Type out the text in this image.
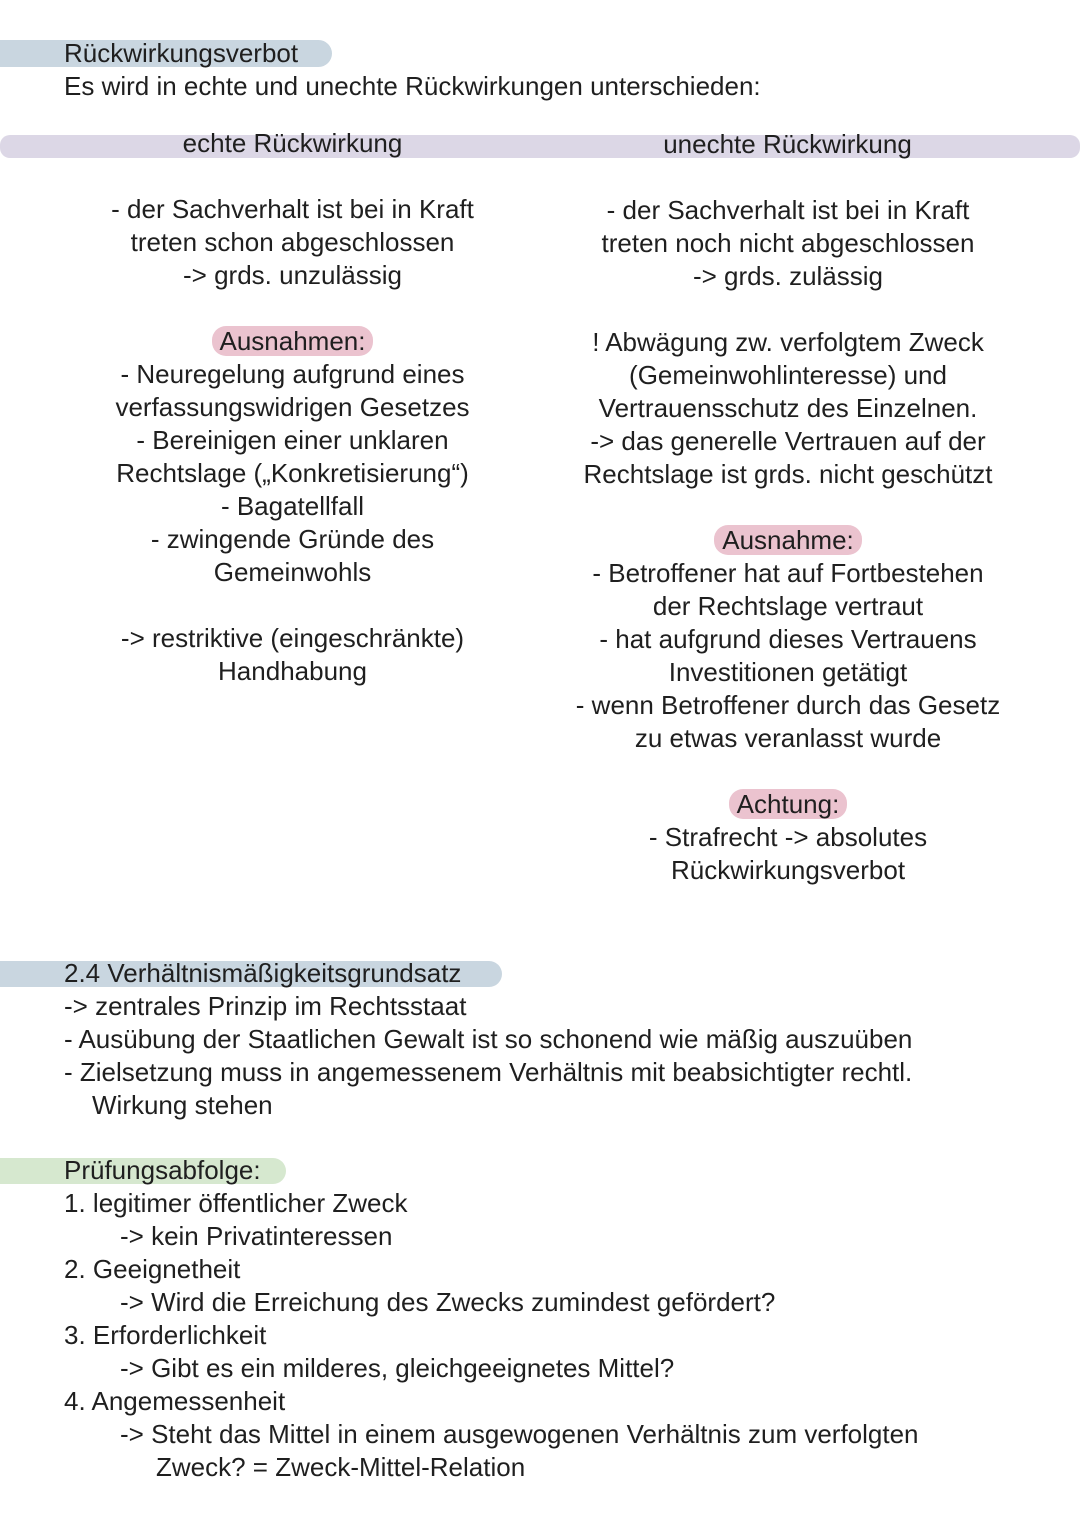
Rückwirkungsverbot
Es wird in echte und unechte Rückwirkungen unterschieden:
echte Rückwirkung	unechte Rückwirkung
- der Sachverhalt ist bei in Kraft
treten schon abgeschlossen
-> grds. unzulässig
Ausnahmen:
- Neuregelung aufgrund eines
verfassungswidrigen Gesetzes
- Bereinigen einer unklaren
Rechtslage („Konkretisierung“)
- Bagatellfall
- zwingende Gründe des
Gemeinwohls
-> restriktive (eingeschränkte)
Handhabung
- der Sachverhalt ist bei in Kraft
treten noch nicht abgeschlossen
-> grds. zulässig
! Abwägung zw. verfolgtem Zweck
(Gemeinwohlinteresse) und
Vertrauensschutz des Einzelnen.
-> das generelle Vertrauen auf der
Rechtslage ist grds. nicht geschützt
Ausnahme:
- Betroffener hat auf Fortbestehen
der Rechtslage vertraut
- hat aufgrund dieses Vertrauens
Investitionen getätigt
- wenn Betroffener durch das Gesetz
zu etwas veranlasst wurde
Achtung:
- Strafrecht -> absolutes
Rückwirkungsverbot
2.4 Verhältnismäßigkeitsgrundsatz
-> zentrales Prinzip im Rechtsstaat
- Ausübung der Staatlichen Gewalt ist so schonend wie mäßig auszuüben
- Zielsetzung muss in angemessenem Verhältnis mit beabsichtigter rechtl.
Wirkung stehen
Prüfungsabfolge:
1. legitimer öffentlicher Zweck
-> kein Privatinteressen
2. Geeignetheit
-> Wird die Erreichung des Zwecks zumindest gefördert?
3. Erforderlichkeit
-> Gibt es ein milderes, gleichgeeignetes Mittel?
4. Angemessenheit
-> Steht das Mittel in einem ausgewogenen Verhältnis zum verfolgten
Zweck? = Zweck-Mittel-Relation
